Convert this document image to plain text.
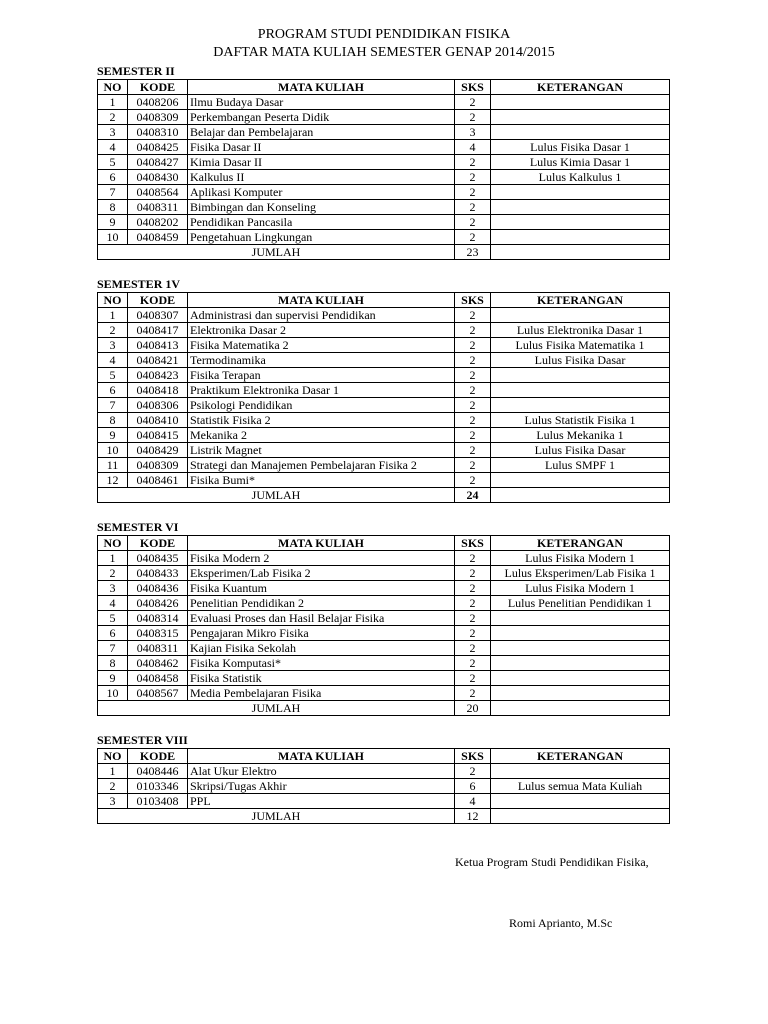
PROGRAM STUDI PENDIDIKAN FISIKA
DAFTAR MATA KULIAH SEMESTER GENAP 2014/2015
SEMESTER II
NO	KODE	MATA KULIAH	SKS	KETERANGAN
1	0408206	Ilmu Budaya Dasar	2	
2	0408309	Perkembangan Peserta Didik	2	
3	0408310	Belajar dan Pembelajaran	3	
4	0408425	Fisika Dasar II	4	Lulus Fisika Dasar 1
5	0408427	Kimia Dasar II	2	Lulus Kimia Dasar 1
6	0408430	Kalkulus II	2	Lulus Kalkulus 1
7	0408564	Aplikasi Komputer	2	
8	0408311	Bimbingan dan Konseling	2	
9	0408202	Pendidikan Pancasila	2	
10	0408459	Pengetahuan Lingkungan	2	
JUMLAH			23	
SEMESTER 1V
NO	KODE	MATA KULIAH	SKS	KETERANGAN
1	0408307	Administrasi dan supervisi Pendidikan	2	
2	0408417	Elektronika Dasar 2	2	Lulus Elektronika Dasar 1
3	0408413	Fisika Matematika 2	2	Lulus Fisika Matematika 1
4	0408421	Termodinamika	2	Lulus Fisika Dasar
5	0408423	Fisika Terapan	2	
6	0408418	Praktikum Elektronika Dasar 1	2	
7	0408306	Psikologi Pendidikan	2	
8	0408410	Statistik Fisika 2	2	Lulus Statistik Fisika 1
9	0408415	Mekanika 2	2	Lulus Mekanika 1
10	0408429	Listrik Magnet	2	Lulus Fisika Dasar
11	0408309	Strategi dan Manajemen Pembelajaran Fisika 2	2	Lulus SMPF 1
12	0408461	Fisika Bumi*	2	
JUMLAH			24	
SEMESTER VI
NO	KODE	MATA KULIAH	SKS	KETERANGAN
1	0408435	Fisika Modern 2	2	Lulus Fisika Modern 1
2	0408433	Eksperimen/Lab Fisika 2	2	Lulus Eksperimen/Lab Fisika 1
3	0408436	Fisika Kuantum	2	Lulus Fisika Modern 1
4	0408426	Penelitian Pendidikan 2	2	Lulus Penelitian Pendidikan 1
5	0408314	Evaluasi Proses dan Hasil Belajar Fisika	2	
6	0408315	Pengajaran Mikro Fisika	2	
7	0408311	Kajian Fisika Sekolah	2	
8	0408462	Fisika Komputasi*	2	
9	0408458	Fisika Statistik	2	
10	0408567	Media Pembelajaran Fisika	2	
JUMLAH			20	
SEMESTER VIII
NO	KODE	MATA KULIAH	SKS	KETERANGAN
1	0408446	Alat Ukur Elektro	2	
2	0103346	Skripsi/Tugas Akhir	6	Lulus semua Mata Kuliah
3	0103408	PPL	4	
JUMLAH			12	
Ketua Program Studi Pendidikan Fisika,
Romi Aprianto, M.Sc
